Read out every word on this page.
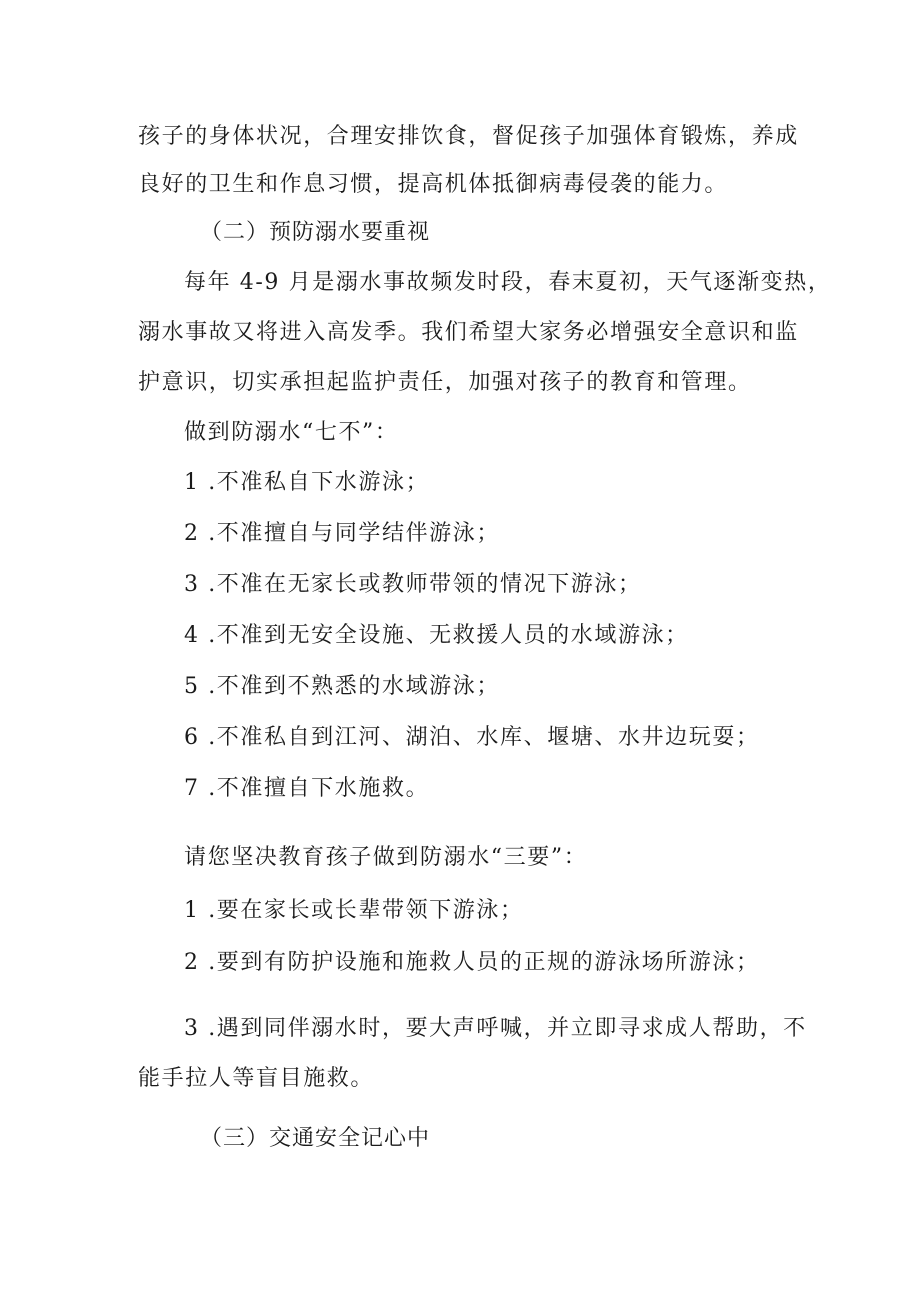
孩子的身体状况，合理安排饮食，督促孩子加强体育锻炼，养成
良好的卫生和作息习惯，提高机体抵御病毒侵袭的能力。
（二）预防溺水要重视
每年 4-9 月是溺水事故频发时段，春末夏初，天气逐渐变热，
溺水事故又将进入高发季。我们希望大家务必增强安全意识和监
护意识，切实承担起监护责任，加强对孩子的教育和管理。
做到防溺水“七不”：
1 .不准私自下水游泳；
2 .不准擅自与同学结伴游泳；
3 .不准在无家长或教师带领的情况下游泳；
4 .不准到无安全设施、无救援人员的水域游泳；
5 .不准到不熟悉的水域游泳；
6 .不准私自到江河、湖泊、水库、堰塘、水井边玩耍；
7 .不准擅自下水施救。
请您坚决教育孩子做到防溺水“三要”：
1 .要在家长或长辈带领下游泳；
2 .要到有防护设施和施救人员的正规的游泳场所游泳；
3 .遇到同伴溺水时，要大声呼喊，并立即寻求成人帮助，不
能手拉人等盲目施救。
（三）交通安全记心中
